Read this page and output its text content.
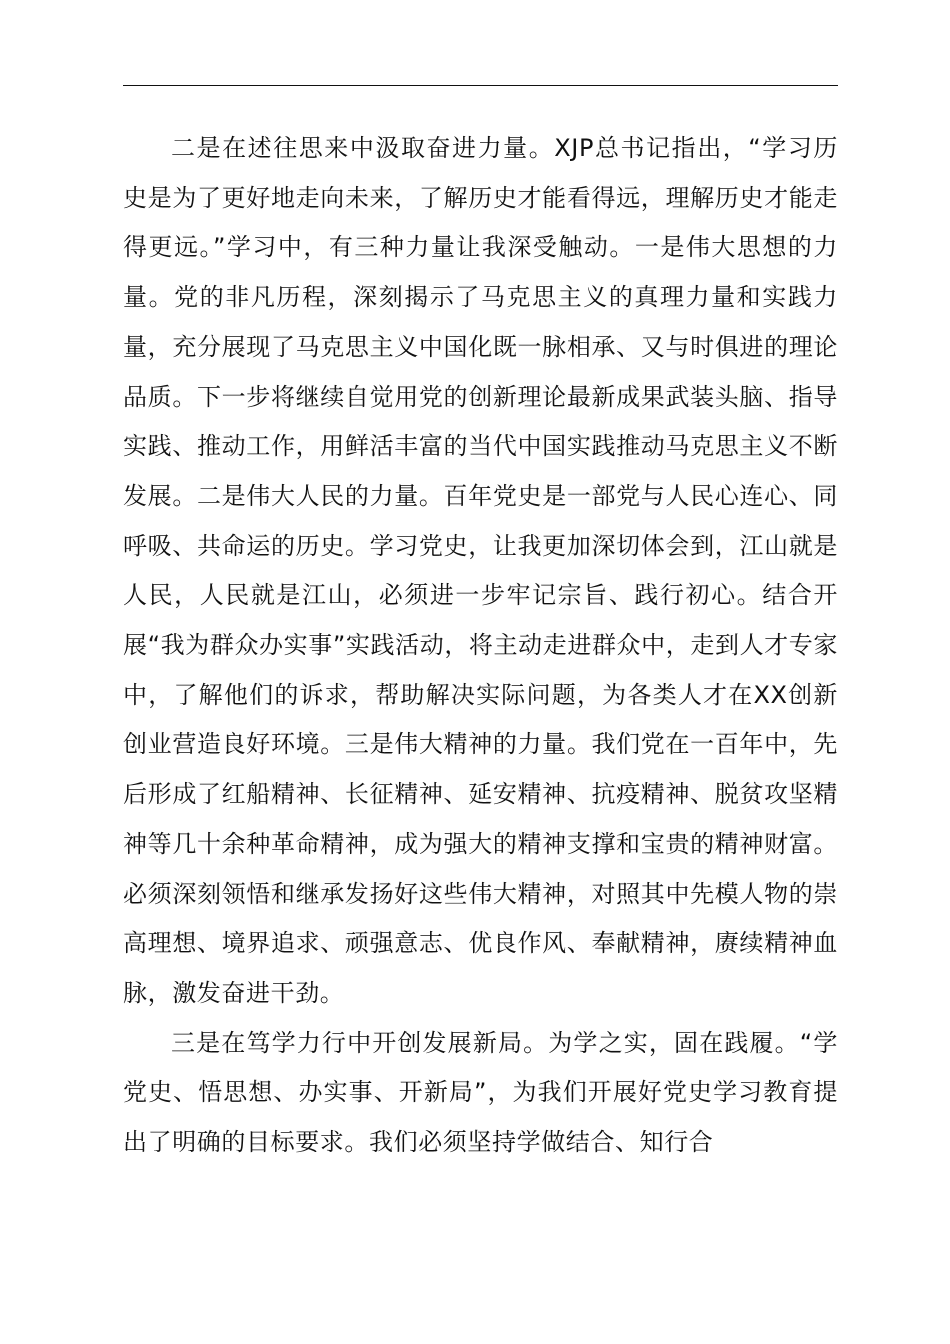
二是在述往思来中汲取奋进力量。XJP总书记指出，“学习历史是为了更好地走向未来，了解历史才能看得远，理解历史才能走得更远。”学习中，有三种力量让我深受触动。一是伟大思想的力量。党的非凡历程，深刻揭示了马克思主义的真理力量和实践力量，充分展现了马克思主义中国化既一脉相承、又与时俱进的理论品质。下一步将继续自觉用党的创新理论最新成果武装头脑、指导实践、推动工作，用鲜活丰富的当代中国实践推动马克思主义不断发展。二是伟大人民的力量。百年党史是一部党与人民心连心、同呼吸、共命运的历史。学习党史，让我更加深切体会到，江山就是人民，人民就是江山，必须进一步牢记宗旨、践行初心。结合开展“我为群众办实事”实践活动，将主动走进群众中，走到人才专家中，了解他们的诉求，帮助解决实际问题，为各类人才在XX创新创业营造良好环境。三是伟大精神的力量。我们党在一百年中，先后形成了红船精神、长征精神、延安精神、抗疫精神、脱贫攻坚精神等几十余种革命精神，成为强大的精神支撑和宝贵的精神财富。必须深刻领悟和继承发扬好这些伟大精神，对照其中先模人物的崇高理想、境界追求、顽强意志、优良作风、奉献精神，赓续精神血脉，激发奋进干劲。

三是在笃学力行中开创发展新局。为学之实，固在践履。“学党史、悟思想、办实事、开新局”，为我们开展好党史学习教育提出了明确的目标要求。我们必须坚持学做结合、知行合
